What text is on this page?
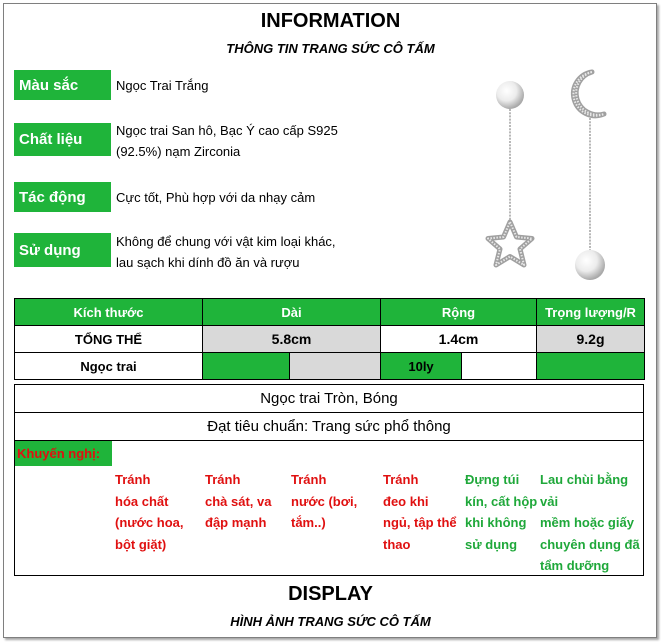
INFORMATION
THÔNG TIN TRANG SỨC CÔ TẤM
Màu sắc	Ngọc Trai Trắng
Chất liệu
Ngọc trai San hô, Bạc Ý cao cấp S925
(92.5%) nạm Zirconia
Tác động	Cực tốt, Phù hợp với da nhạy cảm
Sử dụng	Không để chung với vật kim loại khác,
lau sạch khi dính đồ ăn và rượu
Kích thước	Dài		Rộng		Trọng lượng/R
TỔNG THỂ	5.8cm		1.4cm		9.2g
Ngọc trai			10ly		
Ngọc trai Tròn, Bóng
Đạt tiêu chuẩn: Trang sức phổ thông
Khuyến nghị:
Tránh
hóa chất
(nước hoa,
bột giặt)
Tránh
chà sát, va
đập mạnh
Tránh
nước (bơi,
tắm..)
Tránh
đeo khi
ngủ, tập thể
thao
Đựng túi
kín, cất hộp
khi không
sử dụng
Lau chùi bằng vải
mềm hoặc giấy
chuyên dụng đã
tẩm dưỡng
DISPLAY
HÌNH ẢNH TRANG SỨC CÔ TẤM
